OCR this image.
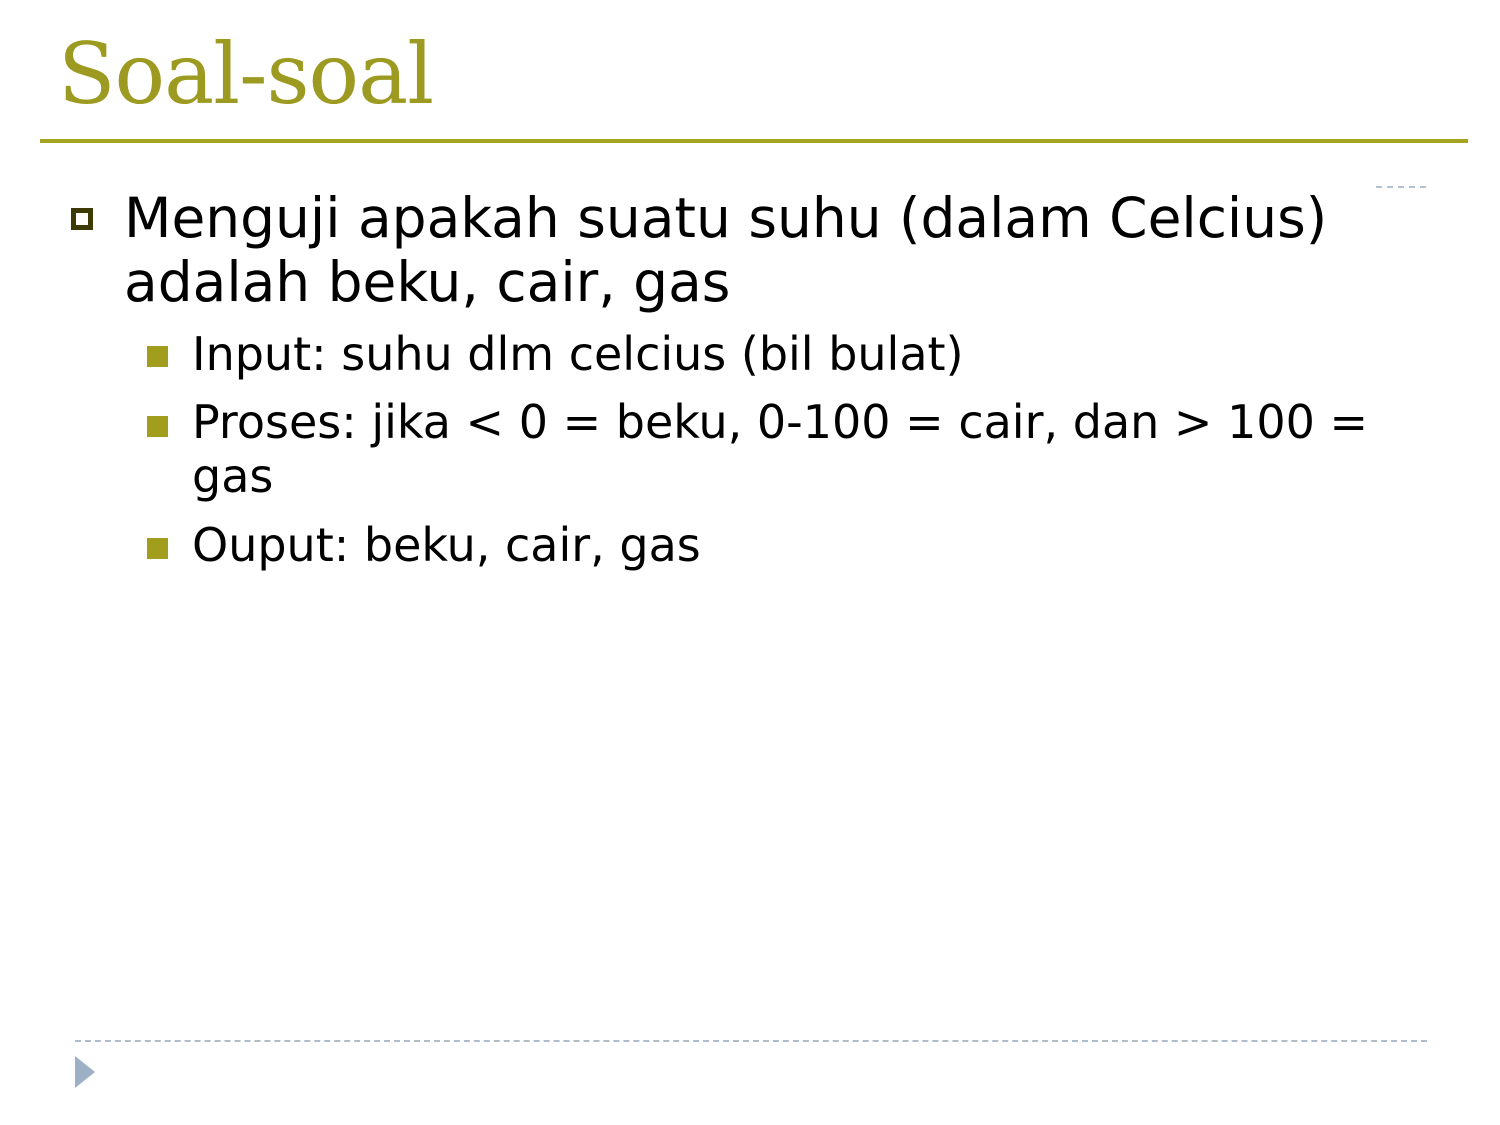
Soal-soal
Menguji apakah suatu suhu (dalam Celcius) adalah beku, cair, gas
Input: suhu dlm celcius (bil bulat)
Proses: jika < 0 = beku, 0-100 = cair, dan > 100 = gas
Ouput: beku, cair, gas
